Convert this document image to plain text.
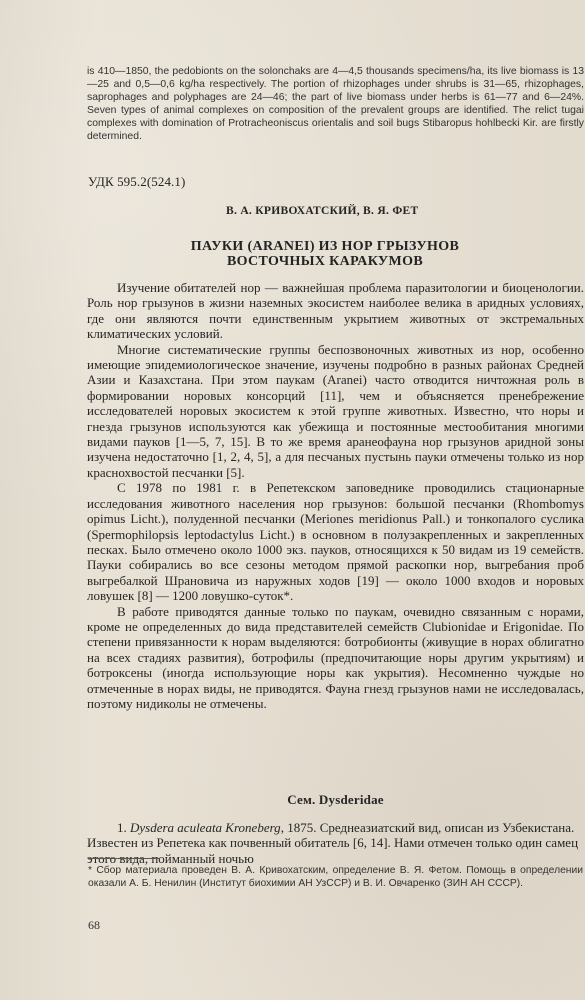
is 410—1850, the pedobionts on the solonchaks are 4—4,5 thousands specimens/ha, its live biomass is 13—25 and 0,5—0,6 kg/ha respectively. The portion of rhizophages under shrubs is 31—65, rhizophages, saprophages and polyphages are 24—46; the part of live biomass under herbs is 61—77 and 6—24%. Seven types of animal complexes on composition of the prevalent groups are identified. The relict tugai complexes with domination of Protracheoniscus orientalis and soil bugs Stibaropus hohlbecki Kir. are firstly determined.

УДК 595.2(524.1)
В. А. КРИВОХАТСКИЙ, В. Я. ФЕТ
ПАУКИ (ARANEI) ИЗ НОР ГРЫЗУНОВ
ВОСТОЧНЫХ КАРАКУМОВ

Изучение обитателей нор — важнейшая проблема паразитологии и биоценологии. Роль нор грызунов в жизни наземных экосистем наиболее велика в аридных условиях, где они являются почти единственным укрытием животных от экстремальных климатических условий.

Многие систематические группы беспозвоночных животных из нор, особенно имеющие эпидемиологическое значение, изучены подробно в разных районах Средней Азии и Казахстана. При этом паукам (Aranei) часто отводится ничтожная роль в формировании норовых консорций [11], чем и объясняется пренебрежение исследователей норовых экосистем к этой группе животных. Известно, что норы и гнезда грызунов используются как убежища и постоянные местообитания многими видами пауков [1—5, 7, 15]. В то же время аранеофауна нор грызунов аридной зоны изучена недостаточно [1, 2, 4, 5], а для песчаных пустынь пауки отмечены только из нор краснохвостой песчанки [5].

С 1978 по 1981 г. в Репетекском заповеднике проводились стационарные исследования животного населения нор грызунов: большой песчанки (Rhombomys opimus Licht.), полуденной песчанки (Meriones meridionus Pall.) и тонкопалого суслика (Spermophilopsis leptodactylus Licht.) в основном в полузакрепленных и закрепленных песках. Было отмечено около 1000 экз. пауков, относящихся к 50 видам из 19 семейств. Пауки собирались во все сезоны методом прямой раскопки нор, выгребания проб выгребалкой Шрановича из наружных ходов [19] — около 1000 входов и норовых ловушек [8] — 1200 ловушко-суток*.

В работе приводятся данные только по паукам, очевидно связанным с норами, кроме не определенных до вида представителей семейств Clubionidae и Erigonidae. По степени привязанности к норам выделяются: ботробионты (живущие в норах облигатно на всех стадиях развития), ботрофилы (предпочитающие норы другим укрытиям) и ботроксены (иногда использующие норы как укрытия). Несомненно чуждые но отмеченные в норах виды, не приводятся. Фауна гнезд грызунов нами не исследовалась, поэтому нидиколы не отмечены.

Сем. Dysderidae
1. Dysdera aculeata Kroneberg, 1875. Среднеазиатский вид, описан из Узбекистана. Известен из Репетека как почвенный обитатель [6, 14]. Нами отмечен только один самец этого вида, пойманный ночью
* Сбор материала проведен В. А. Кривохатским, определение В. Я. Фетом. Помощь в определении оказали А. Б. Ненилин (Институт биохимии АН УзССР) и В. И. Овчаренко (ЗИН АН СССР).
68
